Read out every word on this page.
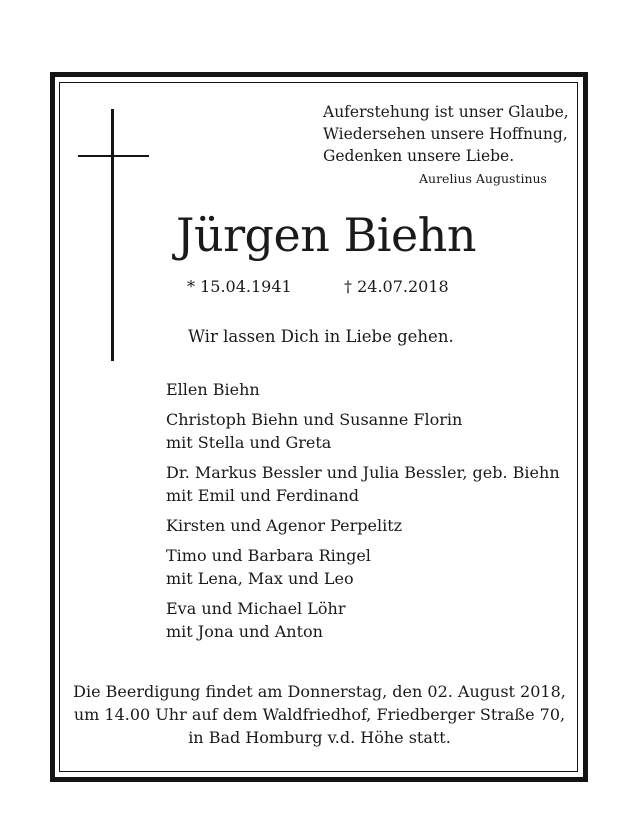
Auferstehung ist unser Glaube,
Wiedersehen unsere Hoffnung,
Gedenken unsere Liebe.
Aurelius Augustinus
Jürgen Biehn
* 15.04.1941	† 24.07.2018
Wir lassen Dich in Liebe gehen.
Ellen Biehn
Christoph Biehn und Susanne Florin
mit Stella und Greta
Dr. Markus Bessler und Julia Bessler, geb. Biehn
mit Emil und Ferdinand
Kirsten und Agenor Perpelitz
Timo und Barbara Ringel
mit Lena, Max und Leo
Eva und Michael Löhr
mit Jona und Anton
Die Beerdigung findet am Donnerstag, den 02. August 2018,
um 14.00 Uhr auf dem Waldfriedhof, Friedberger Straße 70,
in Bad Homburg v.d. Höhe statt.
